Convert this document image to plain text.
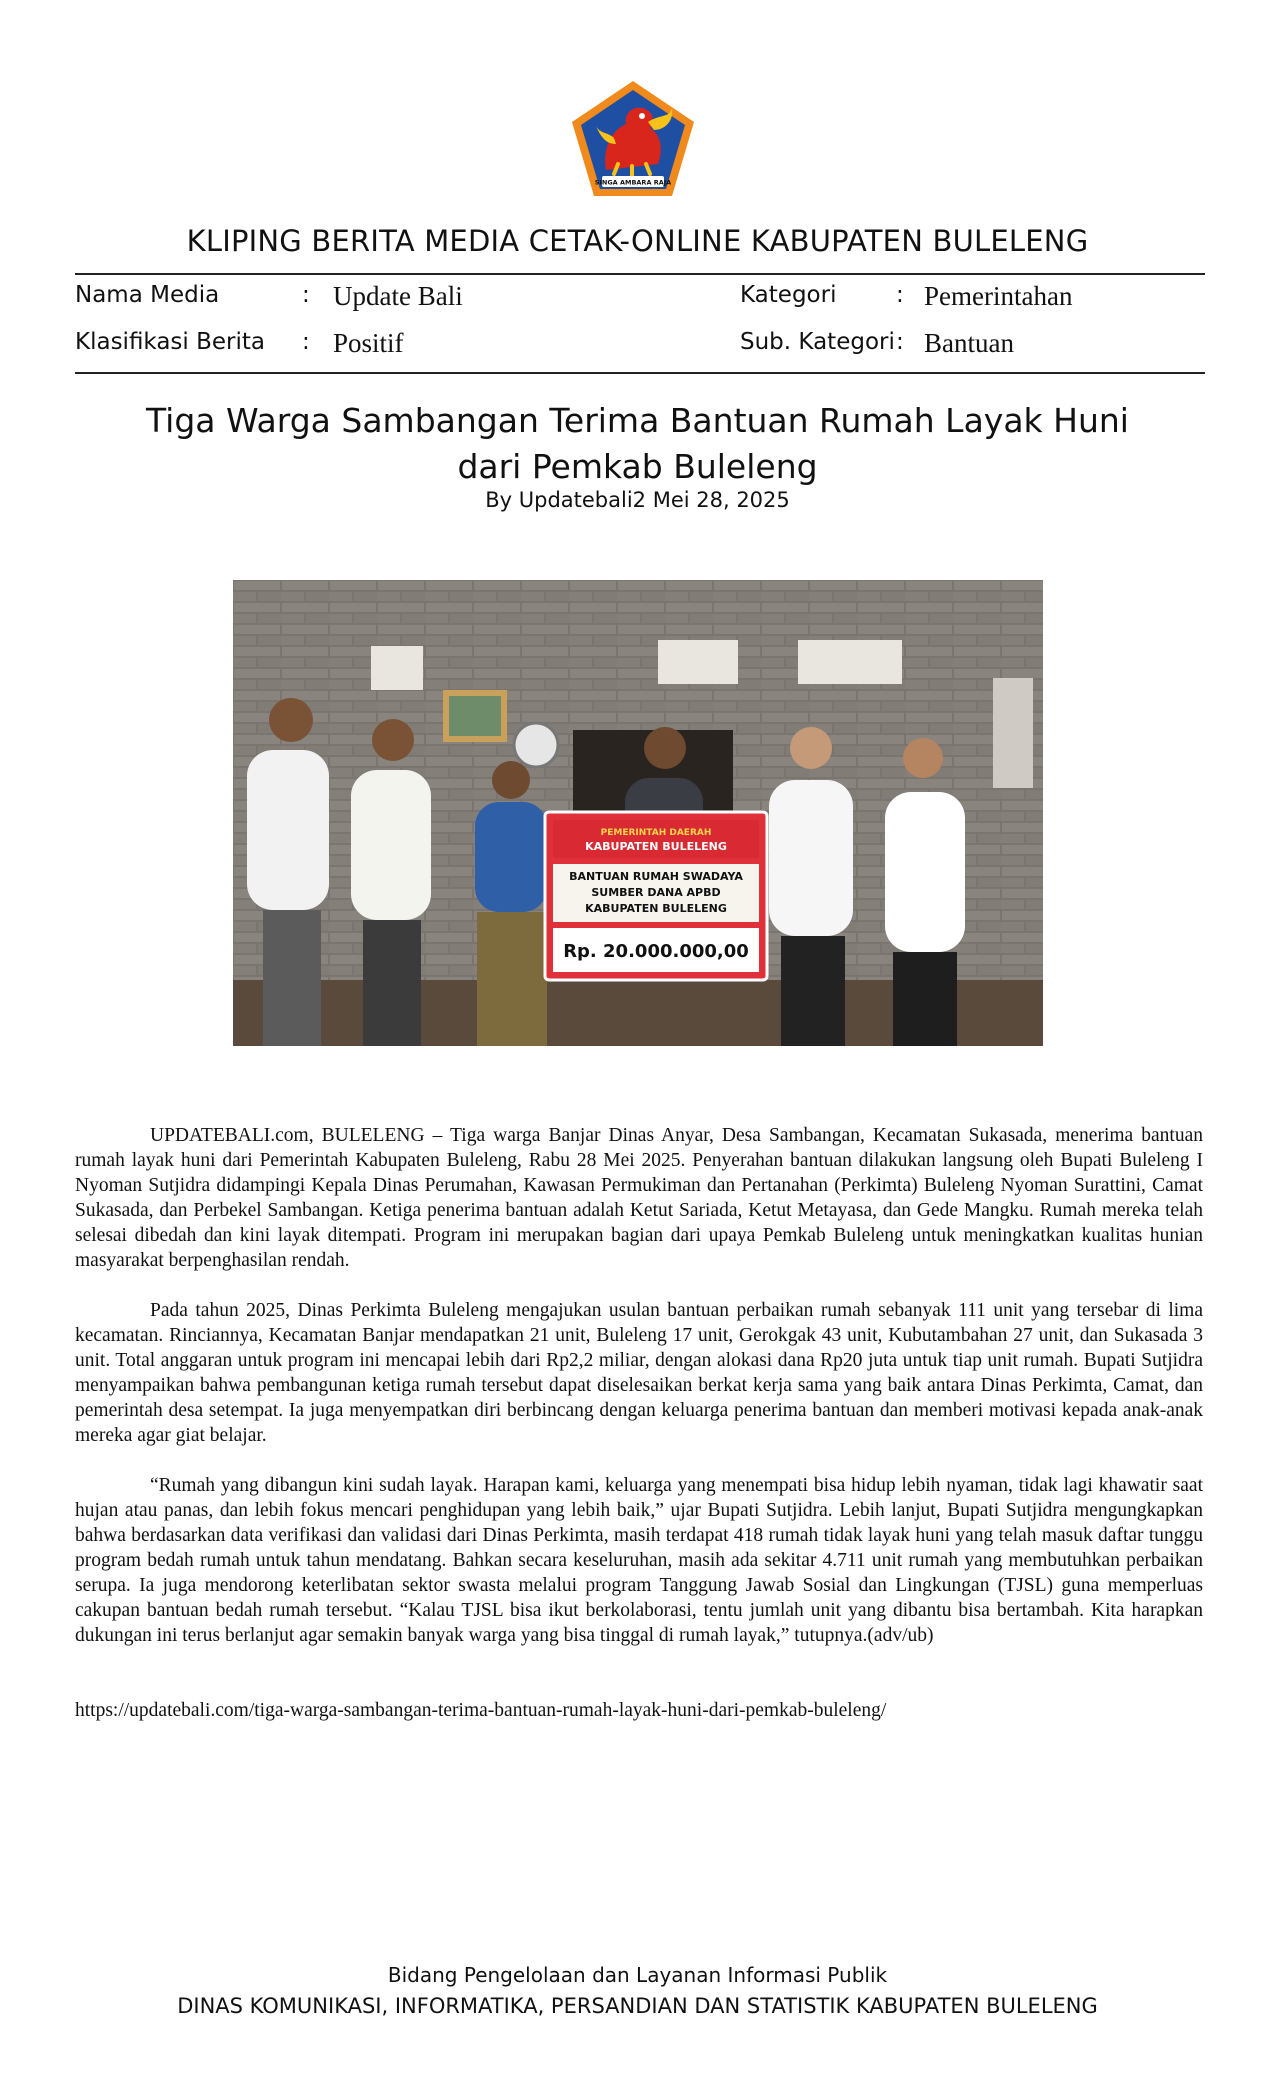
SINGA AMBARA RAJA
KLIPING BERITA MEDIA CETAK-ONLINE KABUPATEN BULELENG
Nama Media	: Update Bali	Kategori	: Pemerintahan
Klasifikasi Berita : Positif	Sub. Kategori : Bantuan
Tiga Warga Sambangan Terima Bantuan Rumah Layak Huni dari Pemkab Buleleng
By Updatebali2 Mei 28, 2025
PEMERINTAH DAERAH
KABUPATEN BULELENG
BANTUAN RUMAH SWADAYA
SUMBER DANA APBD
KABUPATEN BULELENG
Rp. 20.000.000,00

UPDATEBALI.com, BULELENG – Tiga warga Banjar Dinas Anyar, Desa Sambangan, Kecamatan Sukasada, menerima bantuan rumah layak huni dari Pemerintah Kabupaten Buleleng, Rabu 28 Mei 2025. Penyerahan bantuan dilakukan langsung oleh Bupati Buleleng I Nyoman Sutjidra didampingi Kepala Dinas Perumahan, Kawasan Permukiman dan Pertanahan (Perkimta) Buleleng Nyoman Surattini, Camat Sukasada, dan Perbekel Sambangan. Ketiga penerima bantuan adalah Ketut Sariada, Ketut Metayasa, dan Gede Mangku. Rumah mereka telah selesai dibedah dan kini layak ditempati. Program ini merupakan bagian dari upaya Pemkab Buleleng untuk meningkatkan kualitas hunian masyarakat berpenghasilan rendah.

Pada tahun 2025, Dinas Perkimta Buleleng mengajukan usulan bantuan perbaikan rumah sebanyak 111 unit yang tersebar di lima kecamatan. Rinciannya, Kecamatan Banjar mendapatkan 21 unit, Buleleng 17 unit, Gerokgak 43 unit, Kubutambahan 27 unit, dan Sukasada 3 unit. Total anggaran untuk program ini mencapai lebih dari Rp2,2 miliar, dengan alokasi dana Rp20 juta untuk tiap unit rumah. Bupati Sutjidra menyampaikan bahwa pembangunan ketiga rumah tersebut dapat diselesaikan berkat kerja sama yang baik antara Dinas Perkimta, Camat, dan pemerintah desa setempat. Ia juga menyempatkan diri berbincang dengan keluarga penerima bantuan dan memberi motivasi kepada anak-anak mereka agar giat belajar.

“Rumah yang dibangun kini sudah layak. Harapan kami, keluarga yang menempati bisa hidup lebih nyaman, tidak lagi khawatir saat hujan atau panas, dan lebih fokus mencari penghidupan yang lebih baik,” ujar Bupati Sutjidra. Lebih lanjut, Bupati Sutjidra mengungkapkan bahwa berdasarkan data verifikasi dan validasi dari Dinas Perkimta, masih terdapat 418 rumah tidak layak huni yang telah masuk daftar tunggu program bedah rumah untuk tahun mendatang. Bahkan secara keseluruhan, masih ada sekitar 4.711 unit rumah yang membutuhkan perbaikan serupa. Ia juga mendorong keterlibatan sektor swasta melalui program Tanggung Jawab Sosial dan Lingkungan (TJSL) guna memperluas cakupan bantuan bedah rumah tersebut. “Kalau TJSL bisa ikut berkolaborasi, tentu jumlah unit yang dibantu bisa bertambah. Kita harapkan dukungan ini terus berlanjut agar semakin banyak warga yang bisa tinggal di rumah layak,” tutupnya.(adv/ub)

https://updatebali.com/tiga-warga-sambangan-terima-bantuan-rumah-layak-huni-dari-pemkab-buleleng/
Bidang Pengelolaan dan Layanan Informasi Publik
DINAS KOMUNIKASI, INFORMATIKA, PERSANDIAN DAN STATISTIK KABUPATEN BULELENG
